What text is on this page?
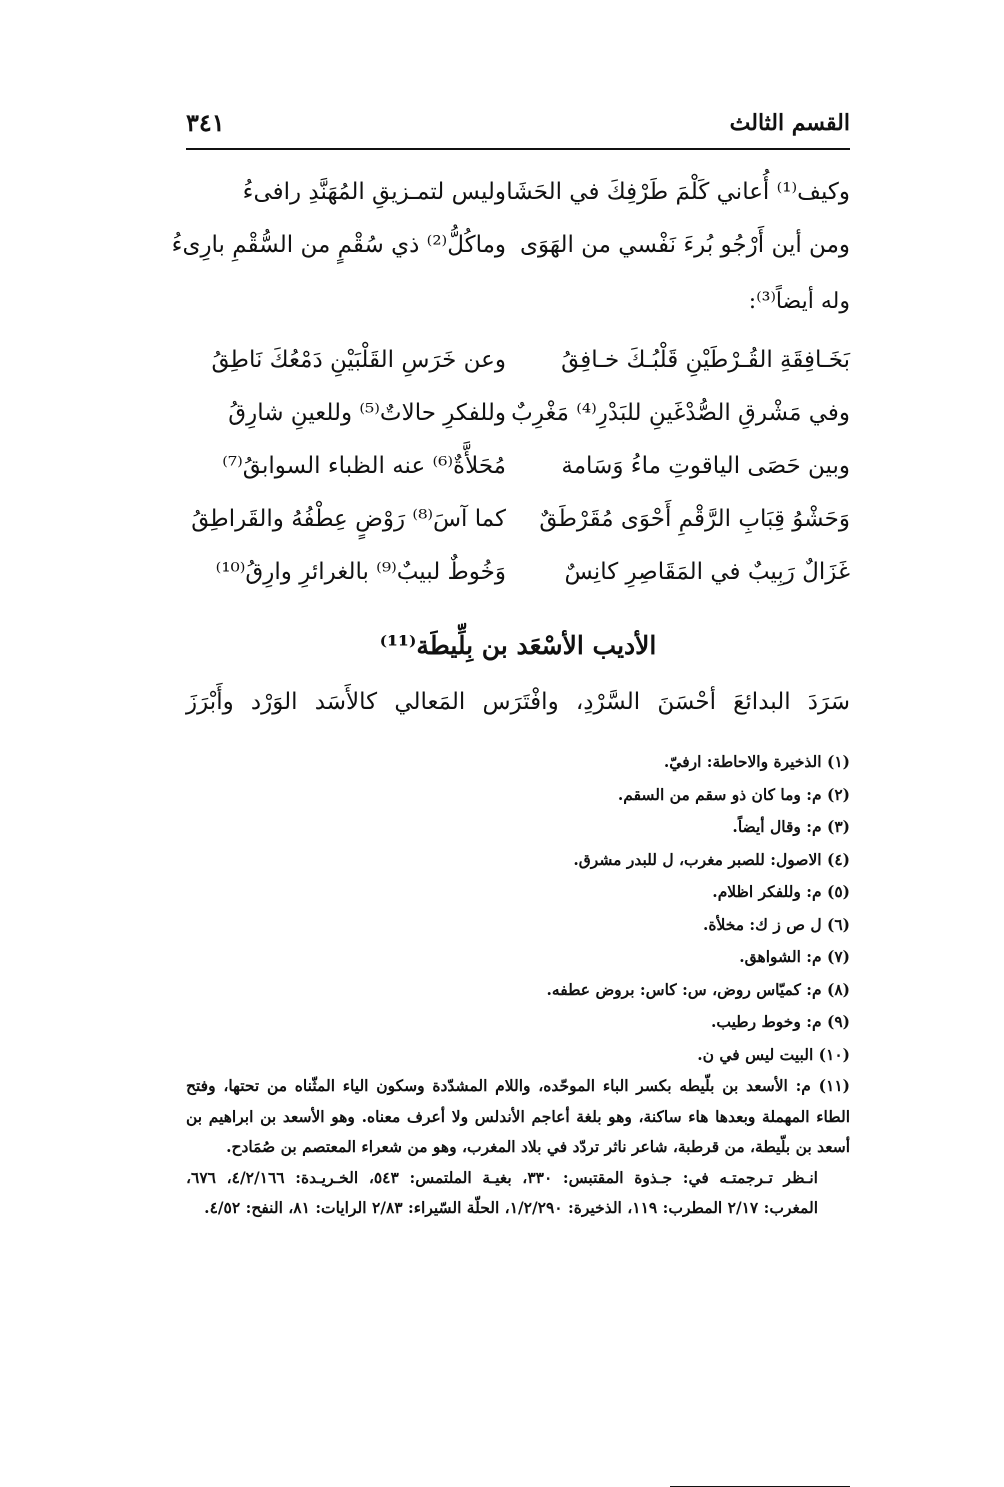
القسم الثالث
٣٤١
وكيف⁽¹⁾ أُعاني كَلْمَ طَرْفِكَ في الحَشَا
وليس لتمـزيقِ المُهَنَّدِ رافىءُ
ومن أين أَرْجُو بُرءَ نَفْسي من الهَوَى
وماكُلُّ⁽²⁾ ذي سُقْمٍ من السُّقْمِ بارِىءُ
وله أيضاً⁽³⁾:
بَخَـافِقَةِ القُـرْطَيْنِ قَلْبُـكَ خـافِقُ
وعن خَرَسِ القَلْبَيْنِ دَمْعُكَ نَاطِقُ
وفي مَشْرقِ الصُّدْغَينِ للبَدْرِ⁽⁴⁾ مَغْرِبٌ
وللفكرِ حالاتٌ⁽⁵⁾ وللعينِ شارِقُ
وبين حَصَى الياقوتِ ماءُ وَسَامة
مُحَلأَّةٌ⁽⁶⁾ عنه الظباء السوابقُ⁽⁷⁾
وَحَشْوُ قِبَابِ الرَّقْمِ أَحْوَى مُقَرْطَقٌ
كما آسَ⁽⁸⁾ رَوْضٍ عِطْفُهُ والقَراطِقُ
غَزَالٌ رَبِيبٌ في المَقَاصِرِ كانِسٌ
وَخُوطٌ لبيبٌ⁽⁹⁾ بالغرائرِ وارِقُ⁽¹⁰⁾
الأديب الأسْعَد بن بِلِّيطَة⁽¹¹⁾
سَرَدَ البدائعَ أحْسَنَ السَّرْدِ، وافْتَرَس المَعالي كالأَسَد الوَرْد وأَبْرَزَ
(١) الذخيرة والاحاطة: ارفيّ.
(٢) م: وما كان ذو سقم من السقم.
(٣) م: وقال أيضاً.
(٤) الاصول: للصبر مغرب، ل للبدر مشرق.
(٥) م: وللفكر اظلام.
(٦) ل ص ز ك: مخلأة.
(٧) م: الشواهق.
(٨) م: كميّاس روض، س: كاس: بروض عطفه.
(٩) م: وخوط رطيب.
(١٠) البيت ليس في ن.
(١١) م: الأسعد بن بلّيطه بكسر الباء الموحّده، واللام المشدّدة وسكون الياء المثّناه من تحتها، وفتح الطاء المهملة وبعدها هاء ساكنة، وهو بلغة أعاجم الأندلس ولا أعرف معناه. وهو الأسعد بن ابراهيم بن أسعد بن بلّيطة، من قرطبة، شاعر ناثر تردّد في بلاد المغرب، وهو من شعراء المعتصم بن صُمَادح.
انـظر تـرجمتـه في: جـذوة المقتبس: ٣٣٠، بغيـة الملتمس: ٥٤٣، الخـريـدة: ٤/٢/١٦٦، ٦٧٦، المغرب: ٢/١٧ المطرب: ١١٩، الذخيرة: ١/٢/٢٩٠، الحلّة السّيراء: ٢/٨٣ الرايات: ٨١، النفح: ٤/٥٢.
